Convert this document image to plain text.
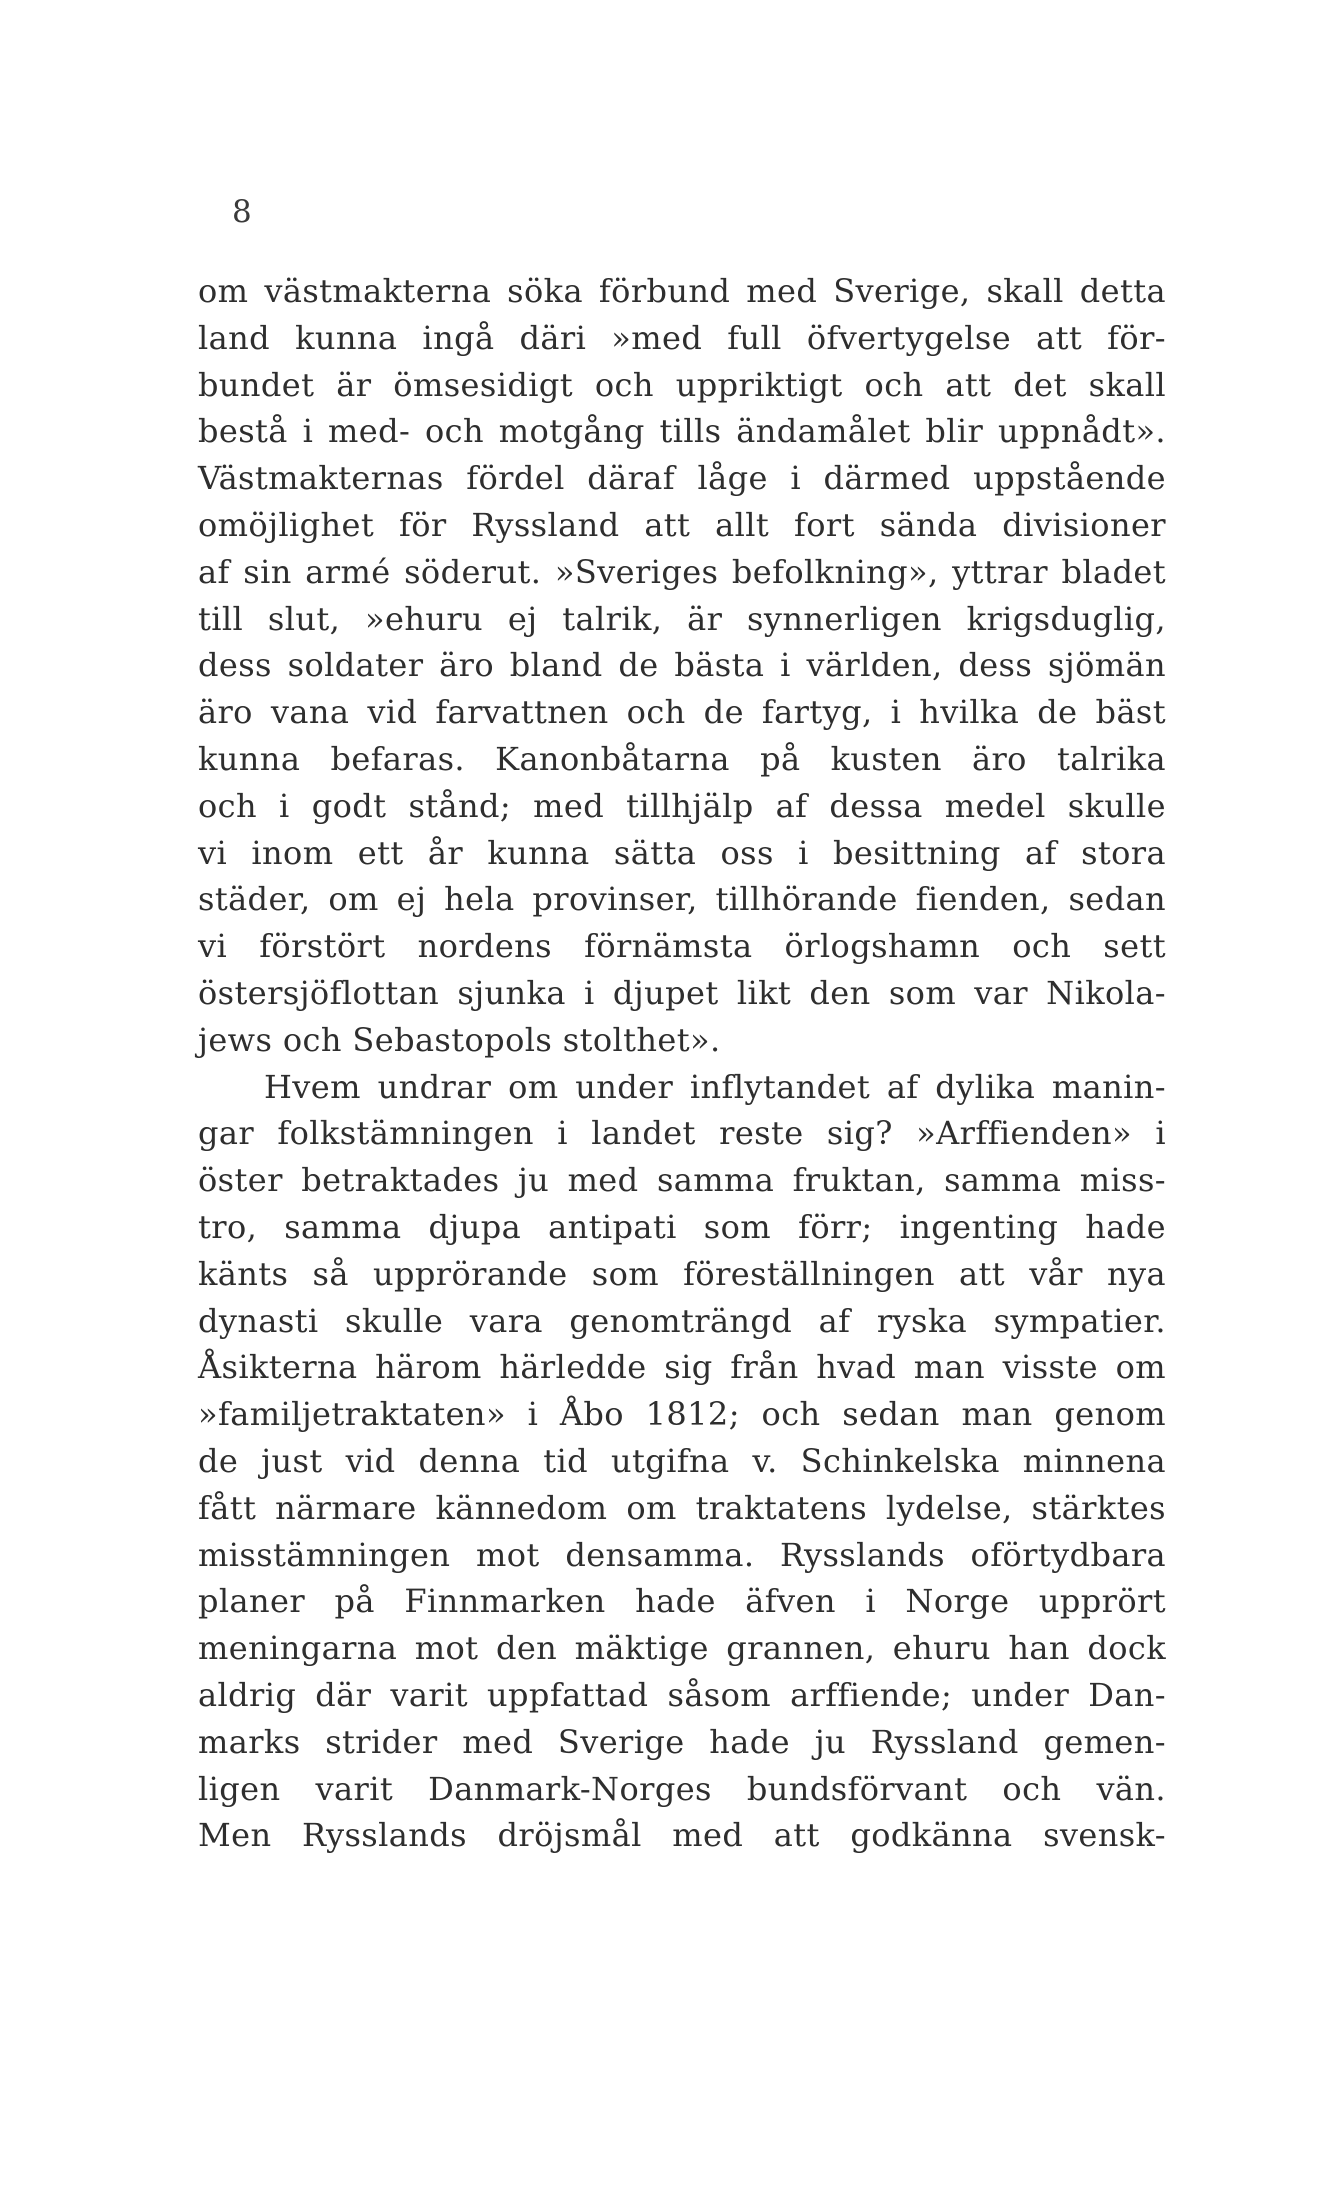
8
om västmakterna söka förbund med Sverige, skall detta
land kunna ingå däri »med full öfvertygelse att för-
bundet är ömsesidigt och uppriktigt och att det skall
bestå i med- och motgång tills ändamålet blir uppnådt».
Västmakternas fördel däraf låge i därmed uppstående
omöjlighet för Ryssland att allt fort sända divisioner
af sin armé söderut. »Sveriges befolkning», yttrar bladet
till slut, »ehuru ej talrik, är synnerligen krigsduglig,
dess soldater äro bland de bästa i världen, dess sjömän
äro vana vid farvattnen och de fartyg, i hvilka de bäst
kunna befaras. Kanonbåtarna på kusten äro talrika
och i godt stånd; med tillhjälp af dessa medel skulle
vi inom ett år kunna sätta oss i besittning af stora
städer, om ej hela provinser, tillhörande fienden, sedan
vi förstört nordens förnämsta örlogshamn och sett
östersjöflottan sjunka i djupet likt den som var Nikola-
jews och Sebastopols stolthet».
Hvem undrar om under inflytandet af dylika manin-
gar folkstämningen i landet reste sig? »Arffienden» i
öster betraktades ju med samma fruktan, samma miss-
tro, samma djupa antipati som förr; ingenting hade
känts så upprörande som föreställningen att vår nya
dynasti skulle vara genomträngd af ryska sympatier.
Åsikterna härom härledde sig från hvad man visste om
»familjetraktaten» i Åbo 1812; och sedan man genom
de just vid denna tid utgifna v. Schinkelska minnena
fått närmare kännedom om traktatens lydelse, stärktes
misstämningen mot densamma. Rysslands oförtydbara
planer på Finnmarken hade äfven i Norge upprört
meningarna mot den mäktige grannen, ehuru han dock
aldrig där varit uppfattad såsom arffiende; under Dan-
marks strider med Sverige hade ju Ryssland gemen-
ligen varit Danmark-Norges bundsförvant och vän.
Men Rysslands dröjsmål med att godkänna svensk-
